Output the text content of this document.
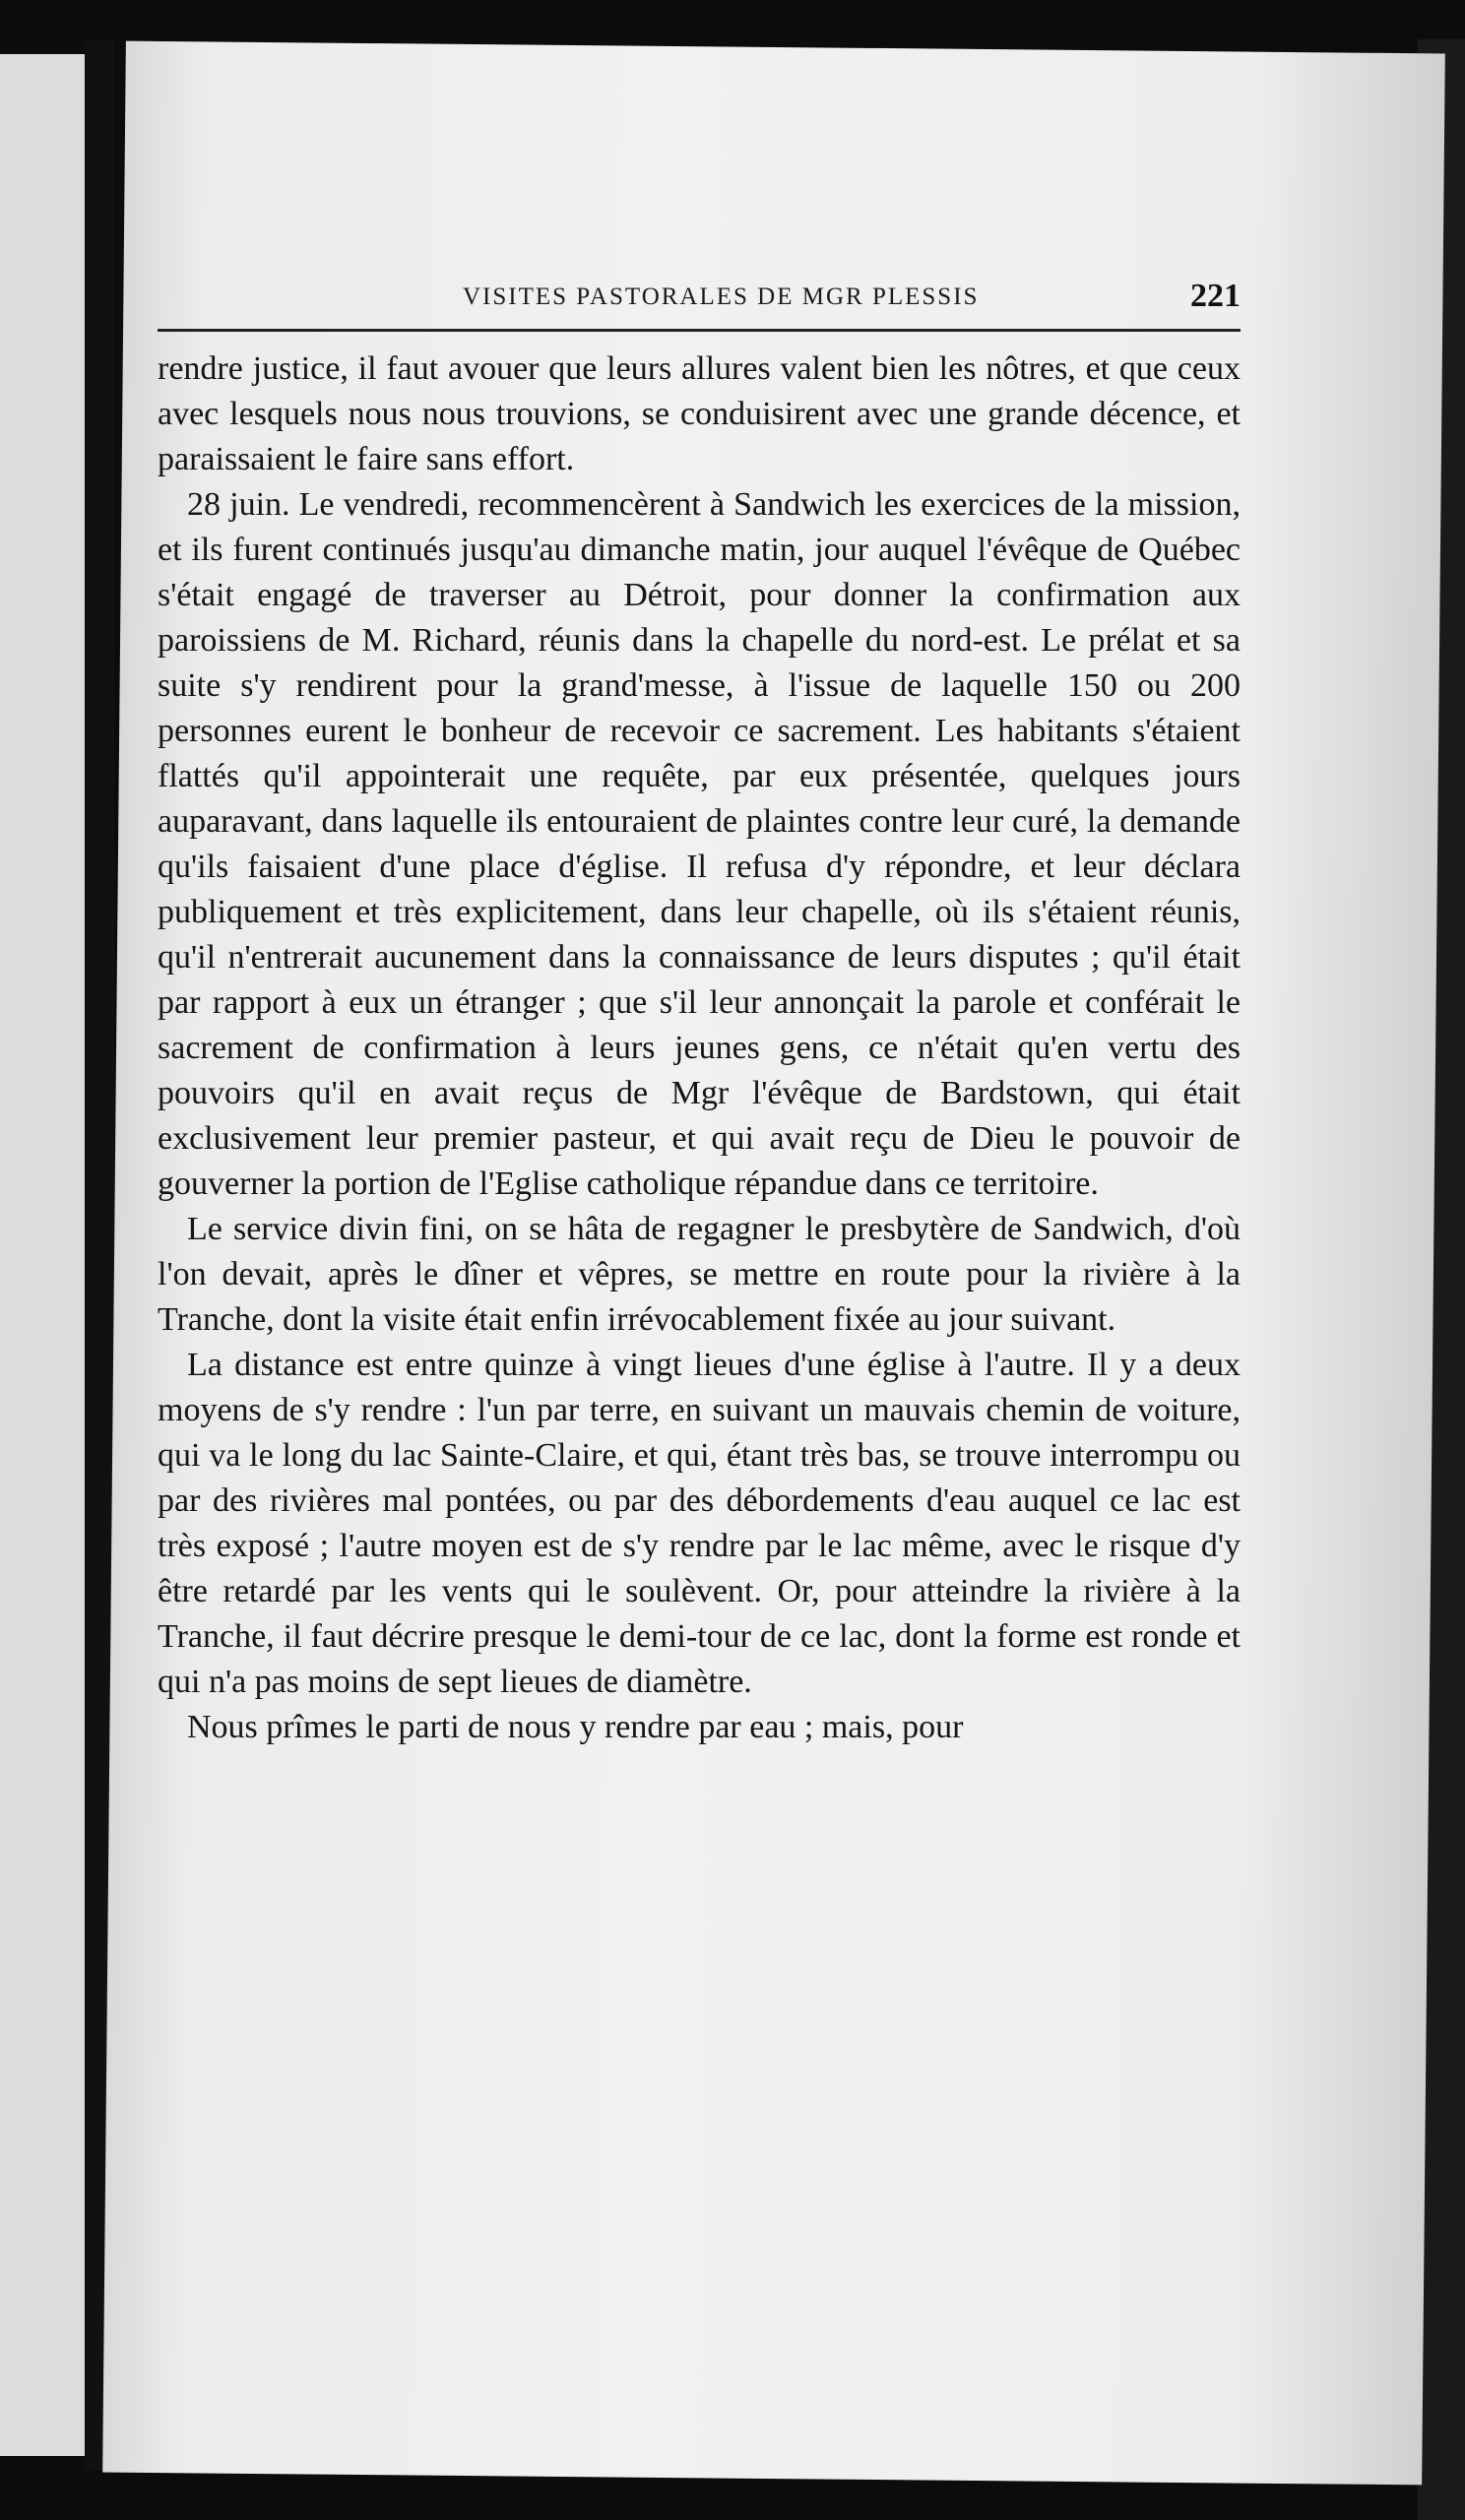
VISITES PASTORALES DE MGR PLESSIS	221

rendre justice, il faut avouer que leurs allures valent bien les nôtres, et que ceux avec lesquels nous nous trouvions, se conduisirent avec une grande décence, et paraissaient le faire sans effort.

28 juin. Le vendredi, recommencèrent à Sandwich les exercices de la mission, et ils furent continués jusqu'au dimanche matin, jour auquel l'évêque de Québec s'était engagé de traverser au Détroit, pour donner la confirmation aux paroissiens de M. Richard, réunis dans la chapelle du nord-est. Le prélat et sa suite s'y rendirent pour la grand'messe, à l'issue de laquelle 150 ou 200 personnes eurent le bonheur de recevoir ce sacrement. Les habitants s'étaient flattés qu'il appointerait une requête, par eux présentée, quelques jours auparavant, dans laquelle ils entouraient de plaintes contre leur curé, la demande qu'ils faisaient d'une place d'église. Il refusa d'y répondre, et leur déclara publiquement et très explicitement, dans leur chapelle, où ils s'étaient réunis, qu'il n'entrerait aucunement dans la connaissance de leurs disputes ; qu'il était par rapport à eux un étranger ; que s'il leur annonçait la parole et conférait le sacrement de confirmation à leurs jeunes gens, ce n'était qu'en vertu des pouvoirs qu'il en avait reçus de Mgr l'évêque de Bardstown, qui était exclusivement leur premier pasteur, et qui avait reçu de Dieu le pouvoir de gouverner la portion de l'Eglise catholique répandue dans ce territoire.

Le service divin fini, on se hâta de regagner le presbytère de Sandwich, d'où l'on devait, après le dîner et vêpres, se mettre en route pour la rivière à la Tranche, dont la visite était enfin irrévocablement fixée au jour suivant.

La distance est entre quinze à vingt lieues d'une église à l'autre. Il y a deux moyens de s'y rendre : l'un par terre, en suivant un mauvais chemin de voiture, qui va le long du lac Sainte-Claire, et qui, étant très bas, se trouve interrompu ou par des rivières mal pontées, ou par des débordements d'eau auquel ce lac est très exposé ; l'autre moyen est de s'y rendre par le lac même, avec le risque d'y être retardé par les vents qui le soulèvent. Or, pour atteindre la rivière à la Tranche, il faut décrire presque le demi-tour de ce lac, dont la forme est ronde et qui n'a pas moins de sept lieues de diamètre.

Nous prîmes le parti de nous y rendre par eau ; mais, pour
